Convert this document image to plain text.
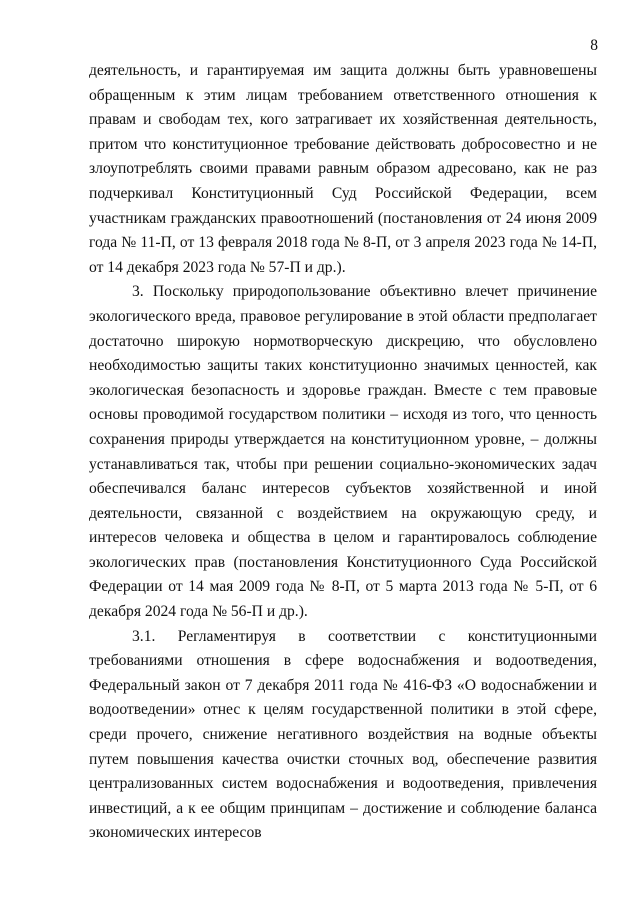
8

деятельность, и гарантируемая им защита должны быть уравновешены обращенным к этим лицам требованием ответственного отношения к правам и свободам тех, кого затрагивает их хозяйственная деятельность, притом что конституционное требование действовать добросовестно и не злоупотреблять своими правами равным образом адресовано, как не раз подчеркивал Конституционный Суд Российской Федерации, всем участникам гражданских правоотношений (постановления от 24 июня 2009 года № 11-П, от 13 февраля 2018 года № 8-П, от 3 апреля 2023 года № 14-П, от 14 декабря 2023 года № 57-П и др.).

3. Поскольку природопользование объективно влечет причинение экологического вреда, правовое регулирование в этой области предполагает достаточно широкую нормотворческую дискрецию, что обусловлено необходимостью защиты таких конституционно значимых ценностей, как экологическая безопасность и здоровье граждан. Вместе с тем правовые основы проводимой государством политики – исходя из того, что ценность сохранения природы утверждается на конституционном уровне, – должны устанавливаться так, чтобы при решении социально-экономических задач обеспечивался баланс интересов субъектов хозяйственной и иной деятельности, связанной с воздействием на окружающую среду, и интересов человека и общества в целом и гарантировалось соблюдение экологических прав (постановления Конституционного Суда Российской Федерации от 14 мая 2009 года № 8-П, от 5 марта 2013 года № 5-П, от 6 декабря 2024 года № 56-П и др.).

3.1. Регламентируя в соответствии с конституционными требованиями отношения в сфере водоснабжения и водоотведения, Федеральный закон от 7 декабря 2011 года № 416-ФЗ «О водоснабжении и водоотведении» отнес к целям государственной политики в этой сфере, среди прочего, снижение негативного воздействия на водные объекты путем повышения качества очистки сточных вод, обеспечение развития централизованных систем водоснабжения и водоотведения, привлечения инвестиций, а к ее общим принципам – достижение и соблюдение баланса экономических интересов
